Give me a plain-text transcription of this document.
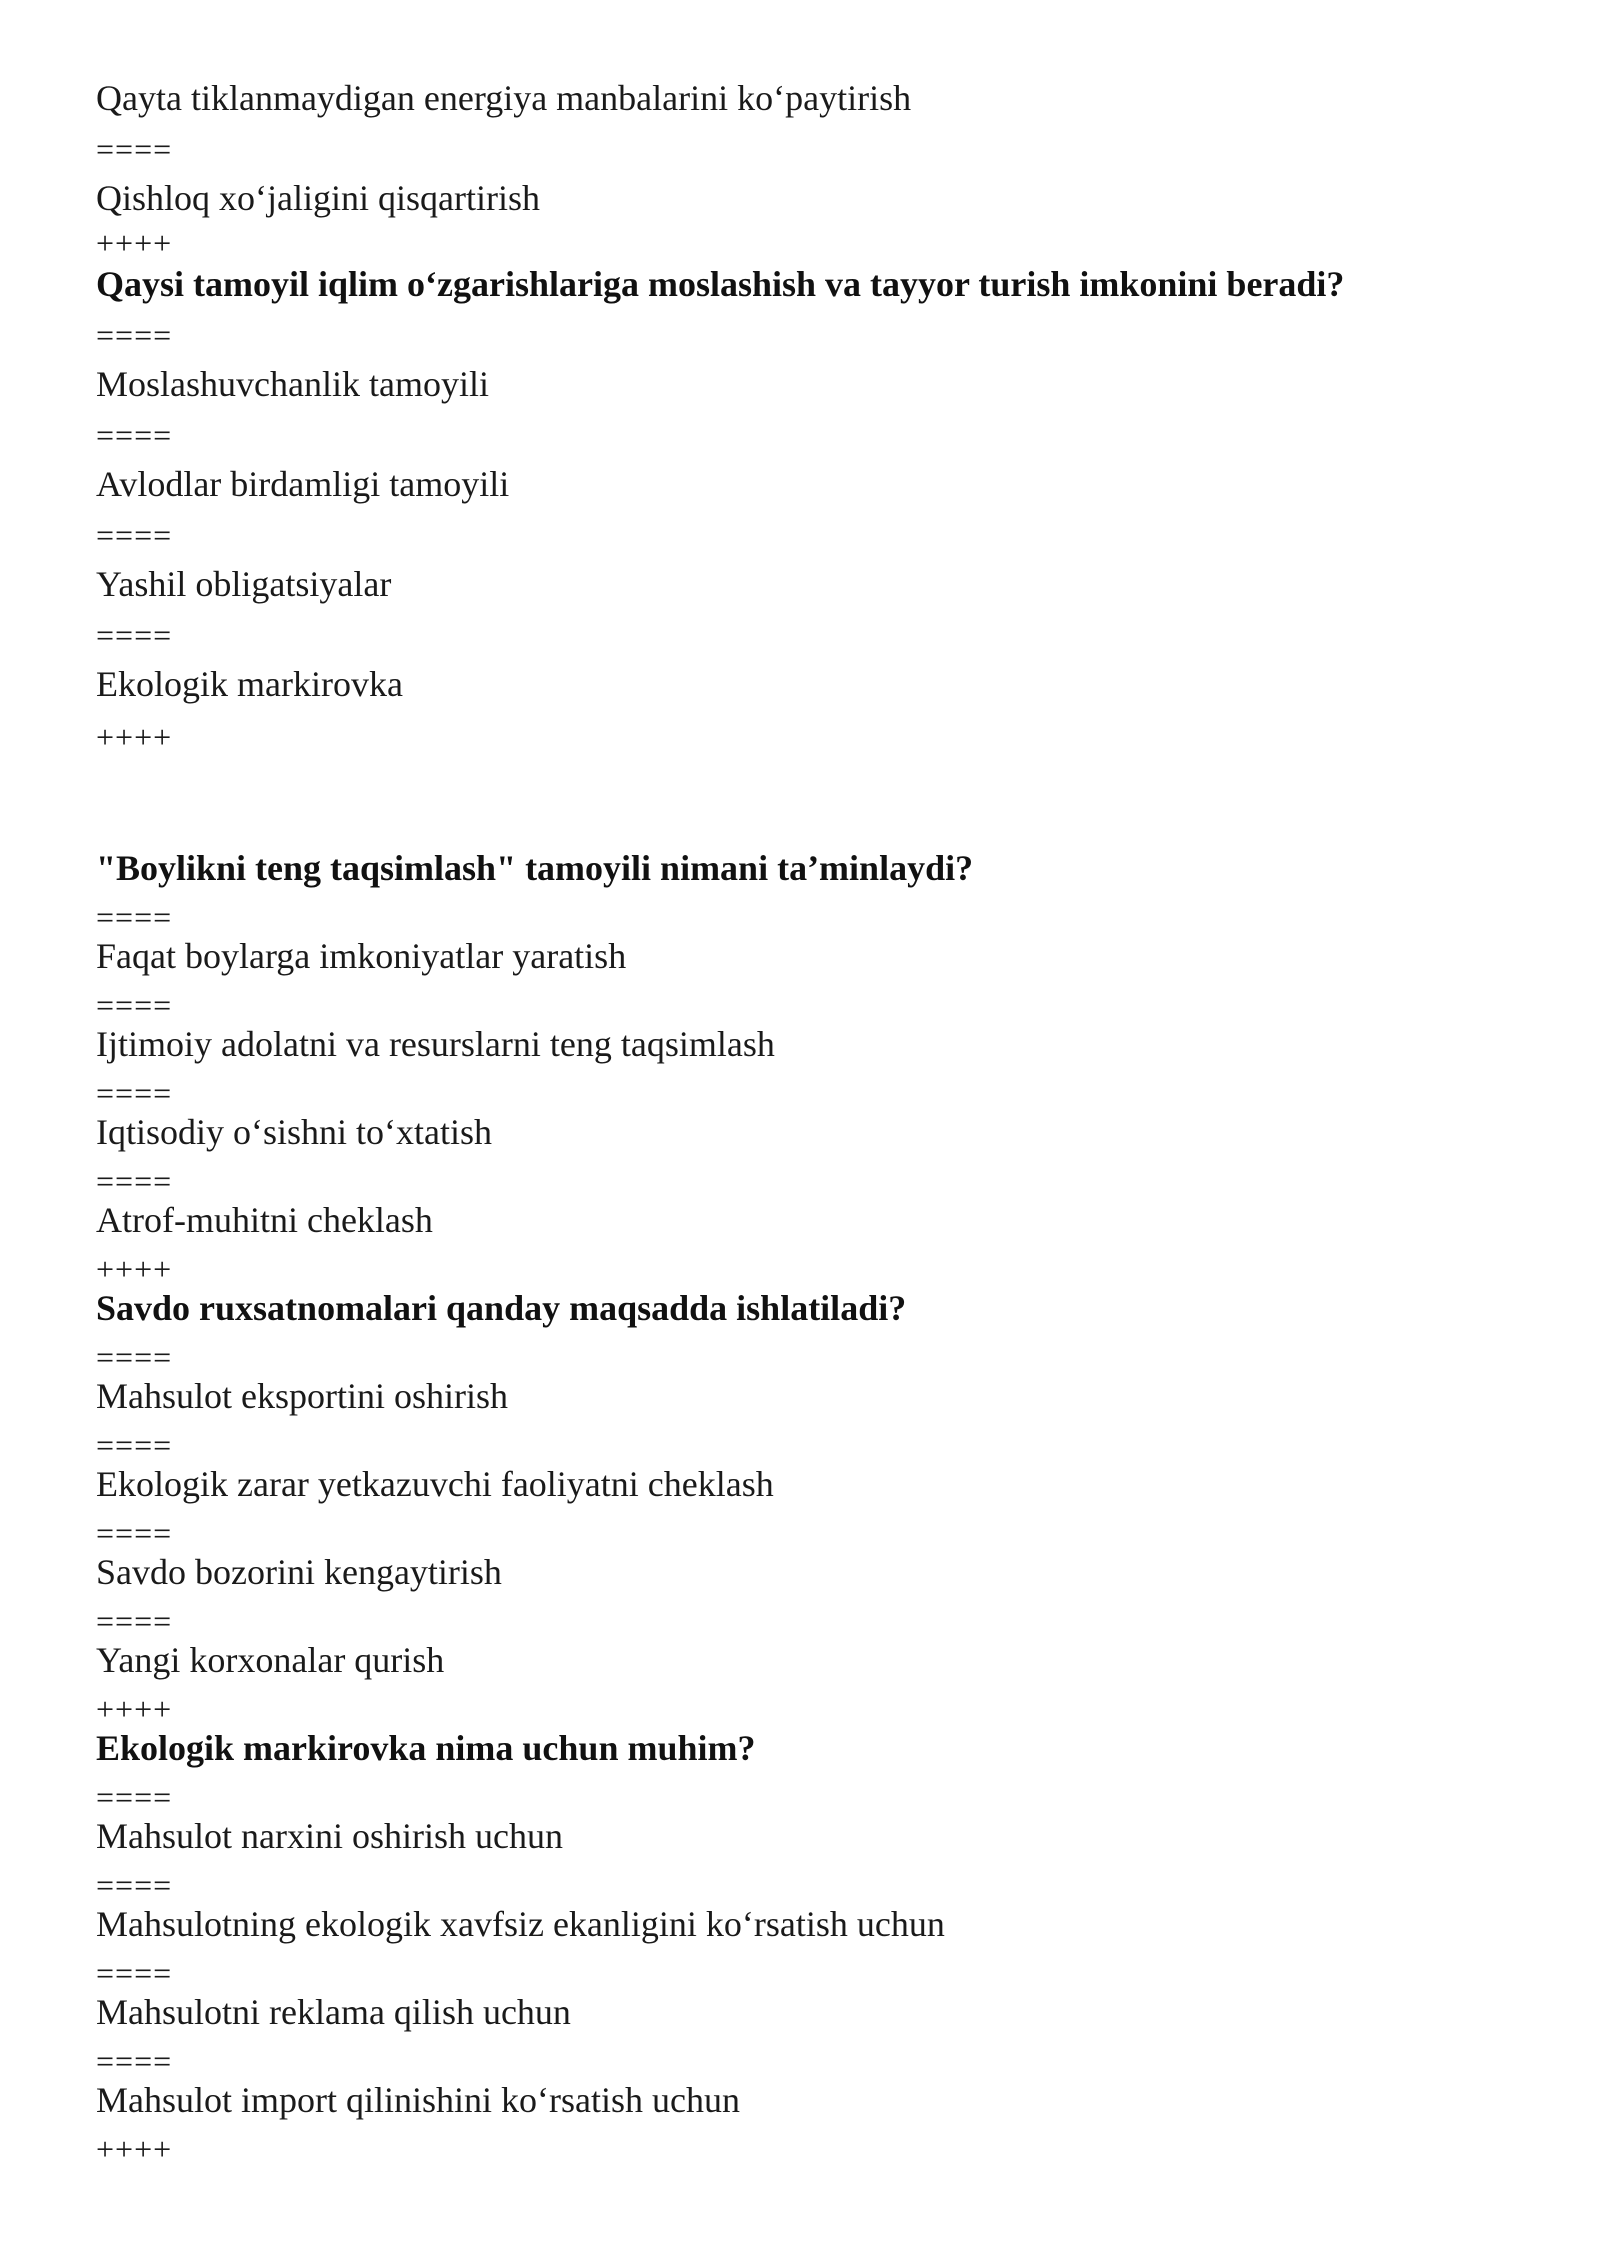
Qayta tiklanmaydigan energiya manbalarini ko‘paytirish
====
Qishloq xo‘jaligini qisqartirish
++++
Qaysi tamoyil iqlim o‘zgarishlariga moslashish va tayyor turish imkonini beradi?
====
Moslashuvchanlik tamoyili
====
Avlodlar birdamligi tamoyili
====
Yashil obligatsiyalar
====
Ekologik markirovka
++++
"Boylikni teng taqsimlash" tamoyili nimani ta’minlaydi?
====
Faqat boylarga imkoniyatlar yaratish
====
Ijtimoiy adolatni va resurslarni teng taqsimlash
====
Iqtisodiy o‘sishni to‘xtatish
====
Atrof-muhitni cheklash
++++
Savdo ruxsatnomalari qanday maqsadda ishlatiladi?
====
Mahsulot eksportini oshirish
====
Ekologik zarar yetkazuvchi faoliyatni cheklash
====
Savdo bozorini kengaytirish
====
Yangi korxonalar qurish
++++
Ekologik markirovka nima uchun muhim?
====
Mahsulot narxini oshirish uchun
====
Mahsulotning ekologik xavfsiz ekanligini ko‘rsatish uchun
====
Mahsulotni reklama qilish uchun
====
Mahsulot import qilinishini ko‘rsatish uchun
++++
